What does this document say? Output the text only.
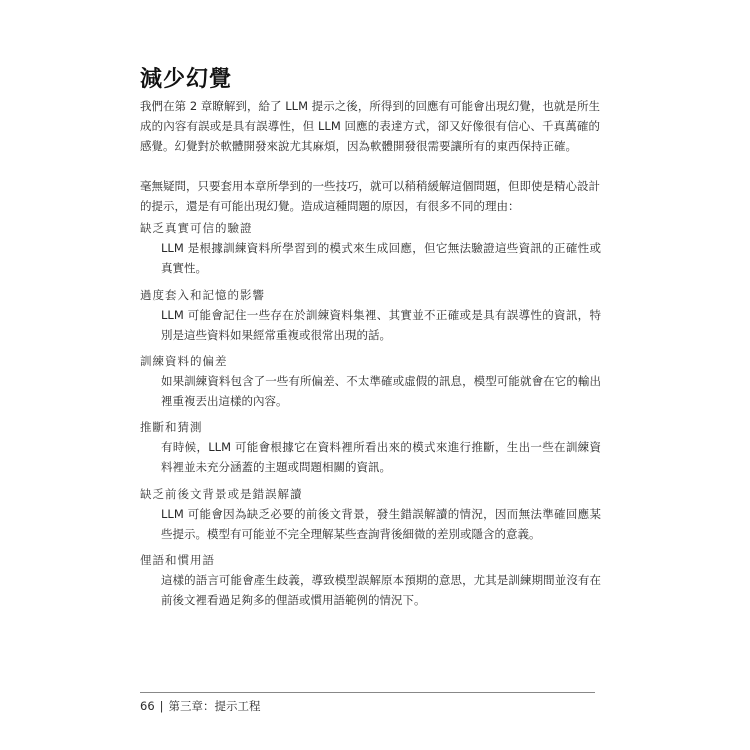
減少幻覺

我們在第 2 章瞭解到，給了 LLM 提示之後，所得到的回應有可能會出現幻覺，也就是所生成的內容有誤或是具有誤導性，但 LLM 回應的表達方式，卻又好像很有信心、千真萬確的感覺。幻覺對於軟體開發來說尤其麻煩，因為軟體開發很需要讓所有的東西保持正確。

毫無疑問，只要套用本章所學到的一些技巧，就可以稍稍緩解這個問題，但即使是精心設計的提示，還是有可能出現幻覺。造成這種問題的原因，有很多不同的理由：

缺乏真實可信的驗證

LLM 是根據訓練資料所學習到的模式來生成回應，但它無法驗證這些資訊的正確性或真實性。

過度套入和記憶的影響

LLM 可能會記住一些存在於訓練資料集裡、其實並不正確或是具有誤導性的資訊，特別是這些資料如果經常重複或很常出現的話。

訓練資料的偏差

如果訓練資料包含了一些有所偏差、不太準確或虛假的訊息，模型可能就會在它的輸出裡重複丟出這樣的內容。

推斷和猜測

有時候，LLM 可能會根據它在資料裡所看出來的模式來進行推斷，生出一些在訓練資料裡並未充分涵蓋的主題或問題相關的資訊。

缺乏前後文背景或是錯誤解讀

LLM 可能會因為缺乏必要的前後文背景，發生錯誤解讀的情況，因而無法準確回應某些提示。模型有可能並不完全理解某些查詢背後細微的差別或隱含的意義。

俚語和慣用語

這樣的語言可能會產生歧義，導致模型誤解原本預期的意思，尤其是訓練期間並沒有在前後文裡看過足夠多的俚語或慣用語範例的情況下。

66 | 第三章：提示工程
